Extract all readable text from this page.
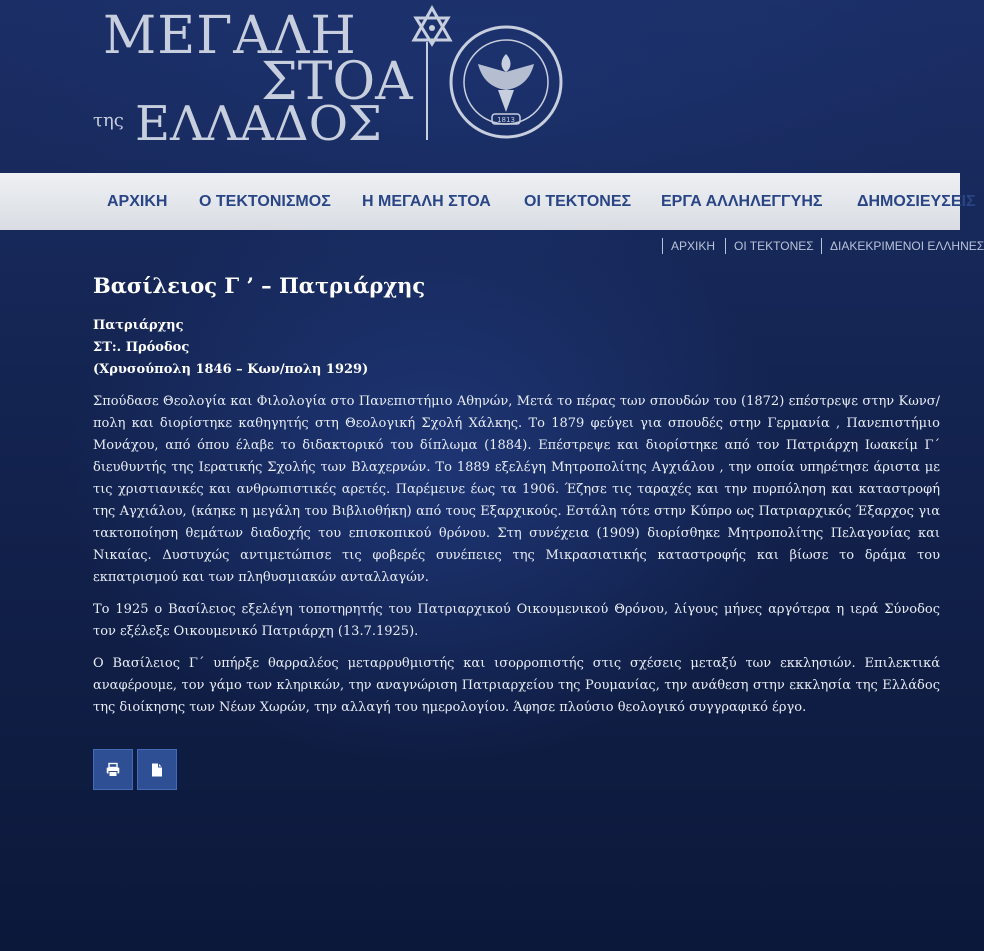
ΜΕΓΑΛΗ
ΣΤΟΑ
της ΕΛΛΑΔΟΣ	1813
ΑΡΧΙΚΗ Ο ΤΕΚΤΟΝΙΣΜΟΣ Η ΜΕΓΑΛΗ ΣΤΟΑ ΟΙ ΤΕΚΤΟΝΕΣ ΕΡΓΑ ΑΛΛΗΛΕΓΓΥΗΣ ΔΗΜΟΣΙΕΥΣΕΙΣ
ΑΡΧΙΚΗ	ΟΙ ΤΕΚΤΟΝΕΣ	ΔΙΑΚΕΚΡΙΜΕΝΟΙ ΕΛΛΗΝΕΣ
Βασίλειος Γ ’ – Πατριάρχης
Πατριάρχης
ΣΤ:. Πρόοδος
(Χρυσούπολη 1846 – Κων/πολη 1929)

Σπούδασε Θεολογία και Φιλολογία στο Πανεπιστήμιο Αθηνών, Μετά το πέρας των σπουδών του (1872) επέστρεψε στην Κωνσ/πολη και διορίστηκε καθηγητής στη Θεολογική Σχολή Χάλκης. Το 1879 φεύγει για σπουδές στην Γερμανία , Πανεπιστήμιο Μονάχου, από όπου έλαβε το διδακτορικό του δίπλωμα (1884). Επέστρεψε και διορίστηκε από τον Πατριάρχη Ιωακείμ Γ΄ διευθυντής της Ιερατικής Σχολής των Βλαχερνών. Το 1889 εξελέγη Μητροπολίτης Αγχιάλου , την οποία υπηρέτησε άριστα με τις χριστιανικές και ανθρωπιστικές αρετές. Παρέμεινε έως τα 1906. Έζησε τις ταραχές και την πυρπόληση και καταστροφή της Αγχιάλου, (κάηκε η μεγάλη του Βιβλιοθήκη) από τους Εξαρχικούς. Εστάλη τότε στην Κύπρο ως Πατριαρχικός Έξαρχος για τακτοποίηση θεμάτων διαδοχής του επισκοπικού θρόνου. Στη συνέχεια (1909) διορίσθηκε Μητροπολίτης Πελαγονίας και Νικαίας. Δυστυχώς αντιμετώπισε τις φοβερές συνέπειες της Μικρασιατικής καταστροφής και βίωσε το δράμα του εκπατρισμού και των πληθυσμιακών ανταλλαγών.

Το 1925 ο Βασίλειος εξελέγη τοποτηρητής του Πατριαρχικού Οικουμενικού Θρόνου, λίγους μήνες αργότερα η ιερά Σύνοδος τον εξέλεξε Οικουμενικό Πατριάρχη (13.7.1925).

Ο Βασίλειος Γ΄ υπήρξε θαρραλέος μεταρρυθμιστής και ισορροπιστής στις σχέσεις μεταξύ των εκκλησιών. Επιλεκτικά αναφέρουμε, τον γάμο των κληρικών, την αναγνώριση Πατριαρχείου της Ρουμανίας, την ανάθεση στην εκκλησία της Ελλάδος της διοίκησης των Νέων Χωρών, την αλλαγή του ημερολογίου. Άφησε πλούσιο θεολογικό συγγραφικό έργο.
